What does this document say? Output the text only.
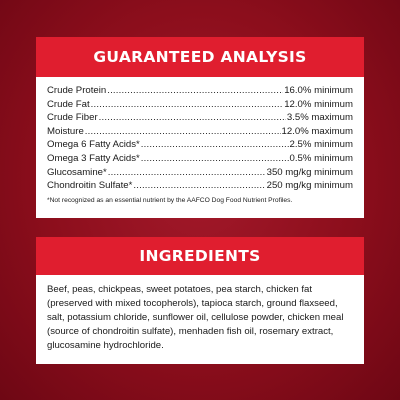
GUARANTEED ANALYSIS
Crude Protein .....	16.0% minimum
Crude Fat .....	12.0% minimum
Crude Fiber .....	3.5% maximum
Moisture .....	12.0% maximum
Omega 6 Fatty Acids* .....	2.5% minimum
Omega 3 Fatty Acids* .....	0.5% minimum
Glucosamine* .....	350 mg/kg minimum
Chondroitin Sulfate* .....	250 mg/kg minimum
*Not recognized as an essential nutrient by the AAFCO Dog Food Nutrient Profiles.
INGREDIENTS
Beef, peas, chickpeas, sweet potatoes, pea starch, chicken fat (preserved with mixed tocopherols), tapioca starch, ground flaxseed, salt, potassium chloride, sunflower oil, cellulose powder, chicken meal (source of chondroitin sulfate), menhaden fish oil, rosemary extract, glucosamine hydrochloride.
